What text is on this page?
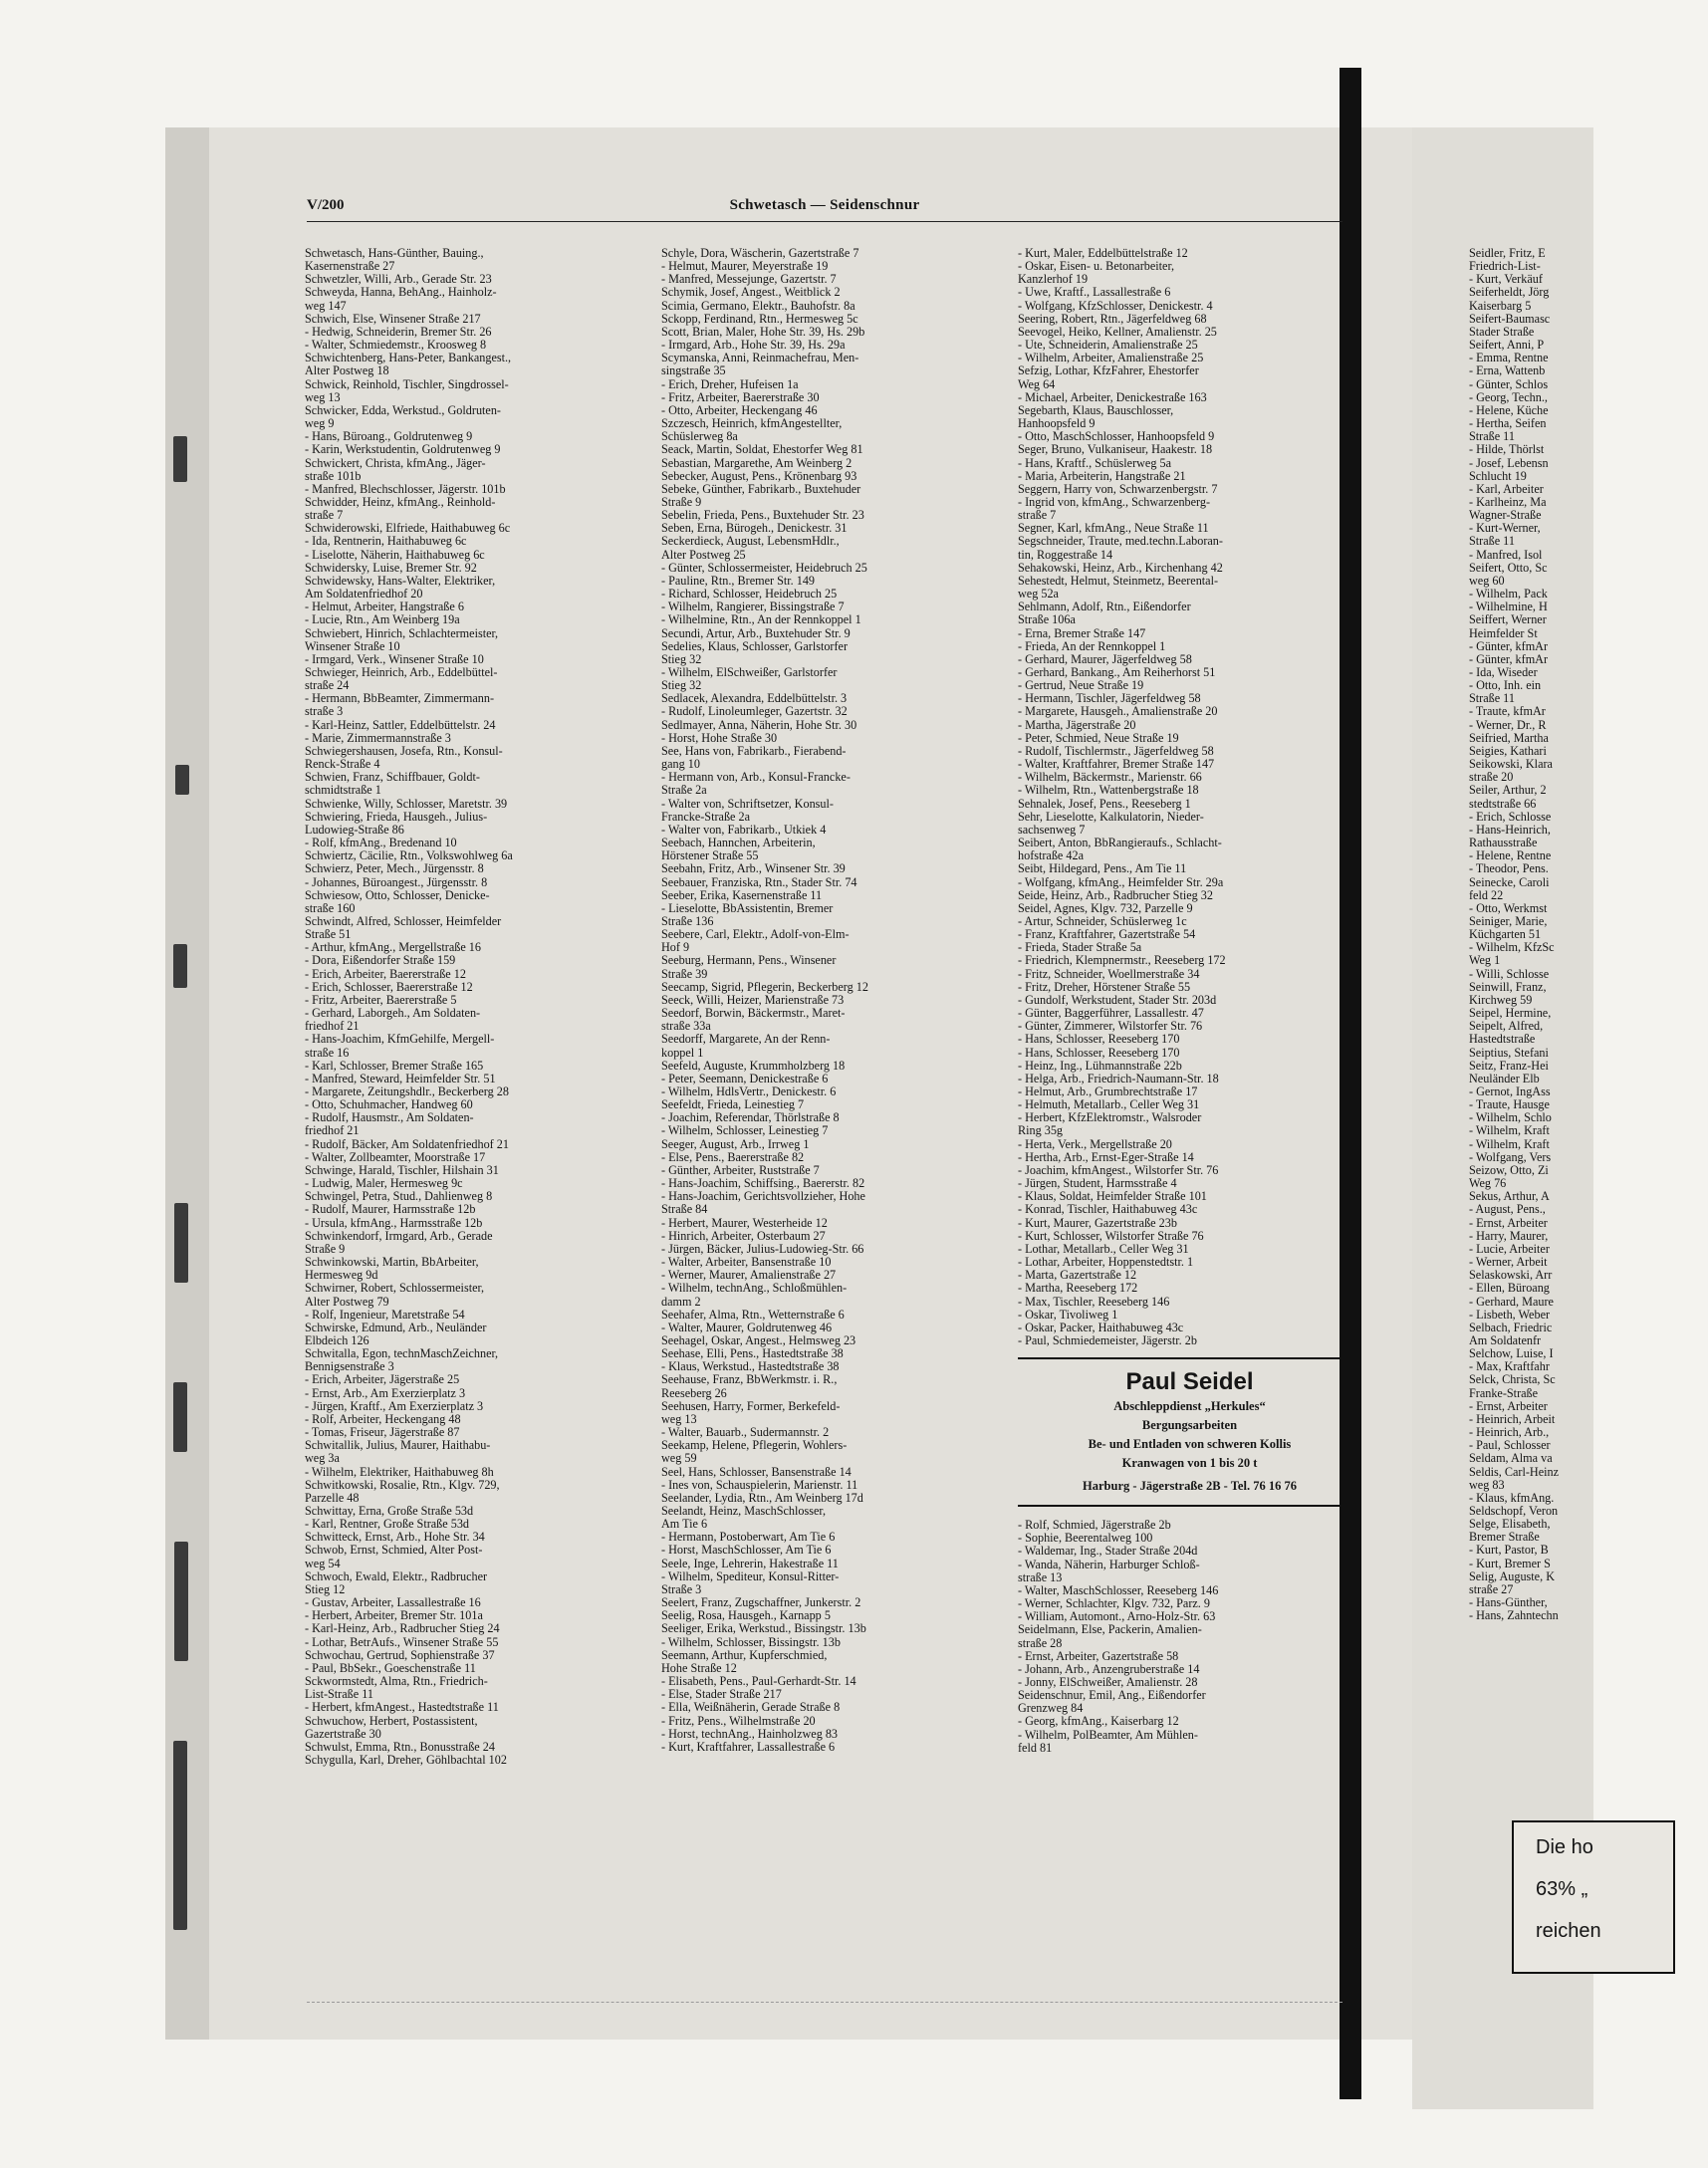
V/200	Schwetasch — Seidenschnur
Schwetasch, Hans-Günther, Bauing.,
Kasernenstraße 27
Schwetzler, Willi, Arb., Gerade Str. 23
Schweyda, Hanna, BehAng., Hainholz-
weg 147
Schwich, Else, Winsener Straße 217
- Hedwig, Schneiderin, Bremer Str. 26
- Walter, Schmiedemstr., Kroosweg 8
Schwichtenberg, Hans-Peter, Bankangest.,
Alter Postweg 18
Schwick, Reinhold, Tischler, Singdrossel-
weg 13
Schwicker, Edda, Werkstud., Goldruten-
weg 9
- Hans, Büroang., Goldrutenweg 9
- Karin, Werkstudentin, Goldrutenweg 9
Schwickert, Christa, kfmAng., Jäger-
straße 101b
- Manfred, Blechschlosser, Jägerstr. 101b
Schwidder, Heinz, kfmAng., Reinhold-
straße 7
Schwiderowski, Elfriede, Haithabuweg 6c
- Ida, Rentnerin, Haithabuweg 6c
- Liselotte, Näherin, Haithabuweg 6c
Schwidersky, Luise, Bremer Str. 92
Schwidewsky, Hans-Walter, Elektriker,
Am Soldatenfriedhof 20
- Helmut, Arbeiter, Hangstraße 6
- Lucie, Rtn., Am Weinberg 19a
Schwiebert, Hinrich, Schlachtermeister,
Winsener Straße 10
- Irmgard, Verk., Winsener Straße 10
Schwieger, Heinrich, Arb., Eddelbüttel-
straße 24
- Hermann, BbBeamter, Zimmermann-
straße 3
- Karl-Heinz, Sattler, Eddelbüttelstr. 24
- Marie, Zimmermannstraße 3
Schwiegershausen, Josefa, Rtn., Konsul-
Renck-Straße 4
Schwien, Franz, Schiffbauer, Goldt-
schmidtstraße 1
Schwienke, Willy, Schlosser, Maretstr. 39
Schwiering, Frieda, Hausgeh., Julius-
Ludowieg-Straße 86
- Rolf, kfmAng., Bredenand 10
Schwiertz, Cäcilie, Rtn., Volkswohlweg 6a
Schwierz, Peter, Mech., Jürgensstr. 8
- Johannes, Büroangest., Jürgensstr. 8
Schwiesow, Otto, Schlosser, Denicke-
straße 160
Schwindt, Alfred, Schlosser, Heimfelder
Straße 51
- Arthur, kfmAng., Mergellstraße 16
- Dora, Eißendorfer Straße 159
- Erich, Arbeiter, Baererstraße 12
- Erich, Schlosser, Baererstraße 12
- Fritz, Arbeiter, Baererstraße 5
- Gerhard, Laborgeh., Am Soldaten-
friedhof 21
- Hans-Joachim, KfmGehilfe, Mergell-
straße 16
- Karl, Schlosser, Bremer Straße 165
- Manfred, Steward, Heimfelder Str. 51
- Margarete, Zeitungshdlr., Beckerberg 28
- Otto, Schuhmacher, Handweg 60
- Rudolf, Hausmstr., Am Soldaten-
friedhof 21
- Rudolf, Bäcker, Am Soldatenfriedhof 21
- Walter, Zollbeamter, Moorstraße 17
Schwinge, Harald, Tischler, Hilshain 31
- Ludwig, Maler, Hermesweg 9c
Schwingel, Petra, Stud., Dahlienweg 8
- Rudolf, Maurer, Harmsstraße 12b
- Ursula, kfmAng., Harmsstraße 12b
Schwinkendorf, Irmgard, Arb., Gerade
Straße 9
Schwinkowski, Martin, BbArbeiter,
Hermesweg 9d
Schwirner, Robert, Schlossermeister,
Alter Postweg 79
- Rolf, Ingenieur, Maretstraße 54
Schwirske, Edmund, Arb., Neuländer
Elbdeich 126
Schwitalla, Egon, technMaschZeichner,
Bennigsenstraße 3
- Erich, Arbeiter, Jägerstraße 25
- Ernst, Arb., Am Exerzierplatz 3
- Jürgen, Kraftf., Am Exerzierplatz 3
- Rolf, Arbeiter, Heckengang 48
- Tomas, Friseur, Jägerstraße 87
Schwitallik, Julius, Maurer, Haithabu-
weg 3a
- Wilhelm, Elektriker, Haithabuweg 8h
Schwitkowski, Rosalie, Rtn., Klgv. 729,
Parzelle 48
Schwittay, Erna, Große Straße 53d
- Karl, Rentner, Große Straße 53d
Schwitteck, Ernst, Arb., Hohe Str. 34
Schwob, Ernst, Schmied, Alter Post-
weg 54
Schwoch, Ewald, Elektr., Radbrucher
Stieg 12
- Gustav, Arbeiter, Lassallestraße 16
- Herbert, Arbeiter, Bremer Str. 101a
- Karl-Heinz, Arb., Radbrucher Stieg 24
- Lothar, BetrAufs., Winsener Straße 55
Schwochau, Gertrud, Sophienstraße 37
- Paul, BbSekr., Goeschenstraße 11
Sckwormstedt, Alma, Rtn., Friedrich-
List-Straße 11
- Herbert, kfmAngest., Hastedtstraße 11
Schwuchow, Herbert, Postassistent,
Gazertstraße 30
Schwulst, Emma, Rtn., Bonusstraße 24
Schygulla, Karl, Dreher, Göhlbachtal 102
Schyle, Dora, Wäscherin, Gazertstraße 7
- Helmut, Maurer, Meyerstraße 19
- Manfred, Messejunge, Gazertstr. 7
Schymik, Josef, Angest., Weitblick 2
Scimia, Germano, Elektr., Bauhofstr. 8a
Sckopp, Ferdinand, Rtn., Hermesweg 5c
Scott, Brian, Maler, Hohe Str. 39, Hs. 29b
- Irmgard, Arb., Hohe Str. 39, Hs. 29a
Scymanska, Anni, Reinmachefrau, Men-
singstraße 35
- Erich, Dreher, Hufeisen 1a
- Fritz, Arbeiter, Baererstraße 30
- Otto, Arbeiter, Heckengang 46
Szczesch, Heinrich, kfmAngestellter,
Schüslerweg 8a
Seack, Martin, Soldat, Ehestorfer Weg 81
Sebastian, Margarethe, Am Weinberg 2
Sebecker, August, Pens., Krönenbarg 93
Sebeke, Günther, Fabrikarb., Buxtehuder
Straße 9
Sebelin, Frieda, Pens., Buxtehuder Str. 23
Seben, Erna, Bürogeh., Denickestr. 31
Seckerdieck, August, LebensmHdlr.,
Alter Postweg 25
- Günter, Schlossermeister, Heidebruch 25
- Pauline, Rtn., Bremer Str. 149
- Richard, Schlosser, Heidebruch 25
- Wilhelm, Rangierer, Bissingstraße 7
- Wilhelmine, Rtn., An der Rennkoppel 1
Secundi, Artur, Arb., Buxtehuder Str. 9
Sedelies, Klaus, Schlosser, Garlstorfer
Stieg 32
- Wilhelm, ElSchweißer, Garlstorfer
Stieg 32
Sedlacek, Alexandra, Eddelbüttelstr. 3
- Rudolf, Linoleumleger, Gazertstr. 32
Sedlmayer, Anna, Näherin, Hohe Str. 30
- Horst, Hohe Straße 30
See, Hans von, Fabrikarb., Fierabend-
gang 10
- Hermann von, Arb., Konsul-Francke-
Straße 2a
- Walter von, Schriftsetzer, Konsul-
Francke-Straße 2a
- Walter von, Fabrikarb., Utkiek 4
Seebach, Hannchen, Arbeiterin,
Hörstener Straße 55
Seebahn, Fritz, Arb., Winsener Str. 39
Seebauer, Franziska, Rtn., Stader Str. 74
Seeber, Erika, Kasernenstraße 11
- Lieselotte, BbAssistentin, Bremer
Straße 136
Seebere, Carl, Elektr., Adolf-von-Elm-
Hof 9
Seeburg, Hermann, Pens., Winsener
Straße 39
Seecamp, Sigrid, Pflegerin, Beckerberg 12
Seeck, Willi, Heizer, Marienstraße 73
Seedorf, Borwin, Bäckermstr., Maret-
straße 33a
Seedorff, Margarete, An der Renn-
koppel 1
Seefeld, Auguste, Krummholzberg 18
- Peter, Seemann, Denickestraße 6
- Wilhelm, HdlsVertr., Denickestr. 6
Seefeldt, Frieda, Leinestieg 7
- Joachim, Referendar, Thörlstraße 8
- Wilhelm, Schlosser, Leinestieg 7
Seeger, August, Arb., Irrweg 1
- Else, Pens., Baererstraße 82
- Günther, Arbeiter, Ruststraße 7
- Hans-Joachim, Schiffsing., Baererstr. 82
- Hans-Joachim, Gerichtsvollzieher, Hohe
Straße 84
- Herbert, Maurer, Westerheide 12
- Hinrich, Arbeiter, Osterbaum 27
- Jürgen, Bäcker, Julius-Ludowieg-Str. 66
- Walter, Arbeiter, Bansenstraße 10
- Werner, Maurer, Amalienstraße 27
- Wilhelm, technAng., Schloßmühlen-
damm 2
Seehafer, Alma, Rtn., Wetternstraße 6
- Walter, Maurer, Goldrutenweg 46
Seehagel, Oskar, Angest., Helmsweg 23
Seehase, Elli, Pens., Hastedtstraße 38
- Klaus, Werkstud., Hastedtstraße 38
Seehause, Franz, BbWerkmstr. i. R.,
Reeseberg 26
Seehusen, Harry, Former, Berkefeld-
weg 13
- Walter, Bauarb., Sudermannstr. 2
Seekamp, Helene, Pflegerin, Wohlers-
weg 59
Seel, Hans, Schlosser, Bansenstraße 14
- Ines von, Schauspielerin, Marienstr. 11
Seelander, Lydia, Rtn., Am Weinberg 17d
Seelandt, Heinz, MaschSchlosser,
Am Tie 6
- Hermann, Postoberwart, Am Tie 6
- Horst, MaschSchlosser, Am Tie 6
Seele, Inge, Lehrerin, Hakestraße 11
- Wilhelm, Spediteur, Konsul-Ritter-
Straße 3
Seelert, Franz, Zugschaffner, Junkerstr. 2
Seelig, Rosa, Hausgeh., Karnapp 5
Seeliger, Erika, Werkstud., Bissingstr. 13b
- Wilhelm, Schlosser, Bissingstr. 13b
Seemann, Arthur, Kupferschmied,
Hohe Straße 12
- Elisabeth, Pens., Paul-Gerhardt-Str. 14
- Else, Stader Straße 217
- Ella, Weißnäherin, Gerade Straße 8
- Fritz, Pens., Wilhelmstraße 20
- Horst, technAng., Hainholzweg 83
- Kurt, Kraftfahrer, Lassallestraße 6
- Kurt, Maler, Eddelbüttelstraße 12
- Oskar, Eisen- u. Betonarbeiter,
Kanzlerhof 19
- Uwe, Kraftf., Lassallestraße 6
- Wolfgang, KfzSchlosser, Denickestr. 4
Seering, Robert, Rtn., Jägerfeldweg 68
Seevogel, Heiko, Kellner, Amalienstr. 25
- Ute, Schneiderin, Amalienstraße 25
- Wilhelm, Arbeiter, Amalienstraße 25
Sefzig, Lothar, KfzFahrer, Ehestorfer
Weg 64
- Michael, Arbeiter, Denickestraße 163
Segebarth, Klaus, Bauschlosser,
Hanhoopsfeld 9
- Otto, MaschSchlosser, Hanhoopsfeld 9
Seger, Bruno, Vulkaniseur, Haakestr. 18
- Hans, Kraftf., Schüslerweg 5a
- Maria, Arbeiterin, Hangstraße 21
Seggern, Harry von, Schwarzenbergstr. 7
- Ingrid von, kfmAng., Schwarzenberg-
straße 7
Segner, Karl, kfmAng., Neue Straße 11
Segschneider, Traute, med.techn.Laboran-
tin, Roggestraße 14
Sehakowski, Heinz, Arb., Kirchenhang 42
Sehestedt, Helmut, Steinmetz, Beerental-
weg 52a
Sehlmann, Adolf, Rtn., Eißendorfer
Straße 106a
- Erna, Bremer Straße 147
- Frieda, An der Rennkoppel 1
- Gerhard, Maurer, Jägerfeldweg 58
- Gerhard, Bankang., Am Reiherhorst 51
- Gertrud, Neue Straße 19
- Hermann, Tischler, Jägerfeldweg 58
- Margarete, Hausgeh., Amalienstraße 20
- Martha, Jägerstraße 20
- Peter, Schmied, Neue Straße 19
- Rudolf, Tischlermstr., Jägerfeldweg 58
- Walter, Kraftfahrer, Bremer Straße 147
- Wilhelm, Bäckermstr., Marienstr. 66
- Wilhelm, Rtn., Wattenbergstraße 18
Sehnalek, Josef, Pens., Reeseberg 1
Sehr, Lieselotte, Kalkulatorin, Nieder-
sachsenweg 7
Seibert, Anton, BbRangieraufs., Schlacht-
hofstraße 42a
Seibt, Hildegard, Pens., Am Tie 11
- Wolfgang, kfmAng., Heimfelder Str. 29a
Seide, Heinz, Arb., Radbrucher Stieg 32
Seidel, Agnes, Klgv. 732, Parzelle 9
- Artur, Schneider, Schüslerweg 1c
- Franz, Kraftfahrer, Gazertstraße 54
- Frieda, Stader Straße 5a
- Friedrich, Klempnermstr., Reeseberg 172
- Fritz, Schneider, Woellmerstraße 34
- Fritz, Dreher, Hörstener Straße 55
- Gundolf, Werkstudent, Stader Str. 203d
- Günter, Baggerführer, Lassallestr. 47
- Günter, Zimmerer, Wilstorfer Str. 76
- Hans, Schlosser, Reeseberg 170
- Hans, Schlosser, Reeseberg 170
- Heinz, Ing., Lühmannstraße 22b
- Helga, Arb., Friedrich-Naumann-Str. 18
- Helmut, Arb., Grumbrechtstraße 17
- Helmuth, Metallarb., Celler Weg 31
- Herbert, KfzElektromstr., Walsroder
Ring 35g
- Herta, Verk., Mergellstraße 20
- Hertha, Arb., Ernst-Eger-Straße 14
- Joachim, kfmAngest., Wilstorfer Str. 76
- Jürgen, Student, Harmsstraße 4
- Klaus, Soldat, Heimfelder Straße 101
- Konrad, Tischler, Haithabuweg 43c
- Kurt, Maurer, Gazertstraße 23b
- Kurt, Schlosser, Wilstorfer Straße 76
- Lothar, Metallarb., Celler Weg 31
- Lothar, Arbeiter, Hoppenstedtstr. 1
- Marta, Gazertstraße 12
- Martha, Reeseberg 172
- Max, Tischler, Reeseberg 146
- Oskar, Tivoliweg 1
- Oskar, Packer, Haithabuweg 43c
- Paul, Schmiedemeister, Jägerstr. 2b
Paul Seidel
Abschleppdienst „Herkules“
Bergungsarbeiten
Be- und Entladen von schweren Kollis
Kranwagen von 1 bis 20 t
Harburg - Jägerstraße 2B - Tel. 76 16 76
- Rolf, Schmied, Jägerstraße 2b
- Sophie, Beerentalweg 100
- Waldemar, Ing., Stader Straße 204d
- Wanda, Näherin, Harburger Schloß-
straße 13
- Walter, MaschSchlosser, Reeseberg 146
- Werner, Schlachter, Klgv. 732, Parz. 9
- William, Automont., Arno-Holz-Str. 63
Seidelmann, Else, Packerin, Amalien-
straße 28
- Ernst, Arbeiter, Gazertstraße 58
- Johann, Arb., Anzengruberstraße 14
- Jonny, ElSchweißer, Amalienstr. 28
Seidenschnur, Emil, Ang., Eißendorfer
Grenzweg 84
- Georg, kfmAng., Kaiserbarg 12
- Wilhelm, PolBeamter, Am Mühlen-
feld 81
Seidler, Fritz, E
Friedrich-List-
- Kurt, Verkäuf
Seiferheldt, Jörg
Kaiserbarg 5
Seifert-Baumasc
Stader Straße
Seifert, Anni, P
- Emma, Rentne
- Erna, Wattenb
- Günter, Schlos
- Georg, Techn.,
- Helene, Küche
- Hertha, Seifen
Straße 11
- Hilde, Thörlst
- Josef, Lebensn
Schlucht 19
- Karl, Arbeiter
- Karlheinz, Ma
Wagner-Straße
- Kurt-Werner,
Straße 11
- Manfred, Isol
Seifert, Otto, Sc
weg 60
- Wilhelm, Pack
- Wilhelmine, H
Seiffert, Werner
Heimfelder St
- Günter, kfmAr
- Günter, kfmAr
- Ida, Wiseder
- Otto, Inh. ein
Straße 11
- Traute, kfmAr
- Werner, Dr., R
Seifried, Martha
Seigies, Kathari
Seikowski, Klara
straße 20
Seiler, Arthur, 2
stedtstraße 66
- Erich, Schlosse
- Hans-Heinrich,
Rathausstraße
- Helene, Rentne
- Theodor, Pens.
Seinecke, Caroli
feld 22
- Otto, Werkmst
Seiniger, Marie,
Küchgarten 51
- Wilhelm, KfzSc
Weg 1
- Willi, Schlosse
Seinwill, Franz,
Kirchweg 59
Seipel, Hermine,
Seipelt, Alfred,
Hastedtstraße
Seiptius, Stefani
Seitz, Franz-Hei
Neuländer Elb
- Gernot, IngAss
- Traute, Hausge
- Wilhelm, Schlo
- Wilhelm, Kraft
- Wilhelm, Kraft
- Wolfgang, Vers
Seizow, Otto, Zi
Weg 76
Sekus, Arthur, A
- August, Pens.,
- Ernst, Arbeiter
- Harry, Maurer,
- Lucie, Arbeiter
- Werner, Arbeit
Selaskowski, Arr
- Ellen, Büroang
- Gerhard, Maure
- Lisbeth, Weber
Selbach, Friedric
Am Soldatenfr
Selchow, Luise, I
- Max, Kraftfahr
Selck, Christa, Sc
Franke-Straße
- Ernst, Arbeiter
- Heinrich, Arbeit
- Heinrich, Arb.,
- Paul, Schlosser
Seldam, Alma va
Seldis, Carl-Heinz
weg 83
- Klaus, kfmAng.
Seldschopf, Veron
Selge, Elisabeth,
Bremer Straße
- Kurt, Pastor, B
- Kurt, Bremer S
Selig, Auguste, K
straße 27
- Hans-Günther,
- Hans, Zahntechn
Die ho
63% „
reichen
